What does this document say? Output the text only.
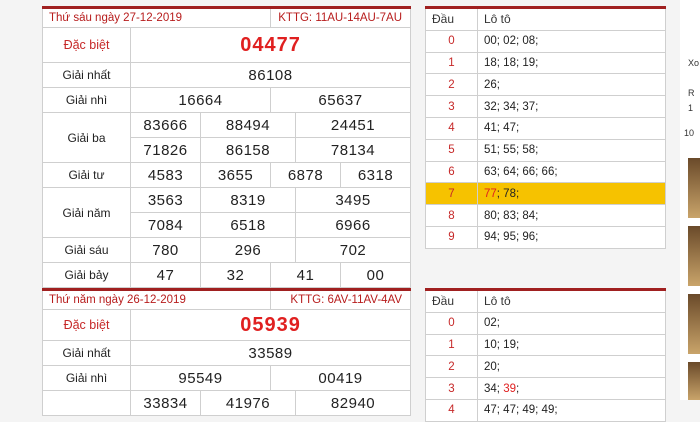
Thứ sáu ngày 27-12-2019			KTTG: 11AU-14AU-7AU		
Đặc biệt	04477				
Giải nhất	86108				
Giải nhì	16664		65637		
Giải ba	83666	88494		24451	
	71826	86158		78134	
Giải tư	4583	3655	6878		6318
Giải năm	3563	8319		3495	
	7084	6518		6966	
Giải sáu	780	296		702	
Giải bảy	47	32	41		00
Đầu	Lô tô
0	00; 02; 08;
1	18; 18; 19;
2	26;
3	32; 34; 37;
4	41; 47;
5	51; 55; 58;
6	63; 64; 66; 66;
7	77; 78;
8	80; 83; 84;
9	94; 95; 96;
Thứ năm ngày 26-12-2019			KTTG: 6AV-11AV-4AV	
Đặc biệt	05939			
Giải nhất	33589			
Giải nhì	95549		00419	
	33834	41976		82940
Đầu	Lô tô
0	02;
1	10; 19;
2	20;
3	34; 39;
4	47; 47; 49; 49;
Xo
R
1
10
